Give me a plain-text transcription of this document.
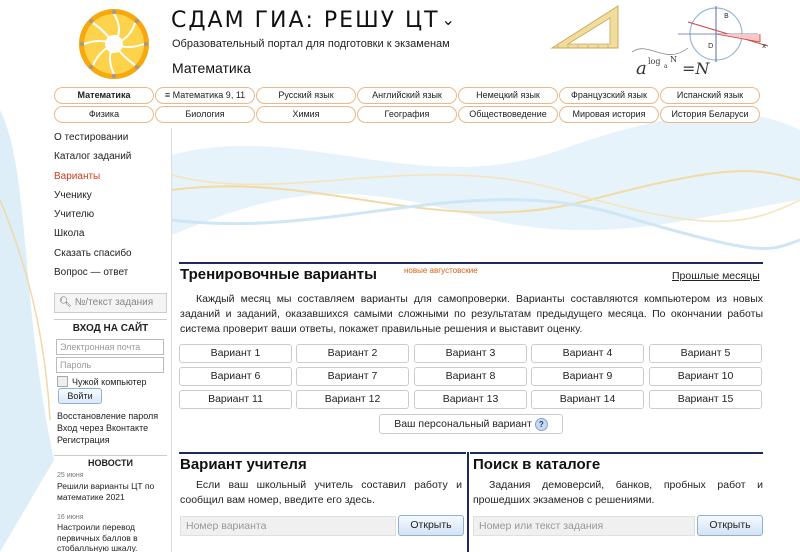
СДАМ ГИА: РЕШУ ЦТ ⌄
Образовательный портал для подготовки к экзаменам
Математика	a log
a
N =N
B
D	x
Математика	≡ Математика 9, 11	Русский язык	Английский язык	Немецкий язык	Французский язык	Испанский язык
Физика	Биология	Химия	География	Обществоведение	Мировая история	История Беларуси
О тестировании
Каталог заданий
Варианты
Ученику
Учителю
Школа
Сказать спасибо
Вопрос — ответ
🔍︎ №/текст задания
ВХОД НА САЙТ
Электронная почта
Пароль
Чужой компьютер
Войти
Восстановление пароля
Вход через Вконтакте
Регистрация
НОВОСТИ
25 июня
Решили варианты ЦТ по математике 2021
16 июня
Настроили перевод первичных баллов в стобалльную шкалу.
Тренировочные варианты	новые августовские	Прошлые месяцы
Каждый месяц мы составляем варианты для самопроверки. Варианты составляются компьютером из новых заданий и заданий, оказавшихся самыми сложными по результатам предыдущего месяца. По окончании работы система проверит ваши ответы, покажет правильные решения и выставит оценку.
Вариант 1	Вариант 2	Вариант 3	Вариант 4	Вариант 5
Вариант 6	Вариант 7	Вариант 8	Вариант 9	Вариант 10
Вариант 11	Вариант 12	Вариант 13	Вариант 14	Вариант 15
Ваш персональный вариант ?
Вариант учителя
Если ваш школьный учитель составил работу и сообщил вам номер, введите его здесь.
Номер варианта	Открыть
Поиск в каталоге
Задания демоверсий, банков, пробных работ и прошедших экзаменов с решениями.
Номер или текст задания	Открыть
